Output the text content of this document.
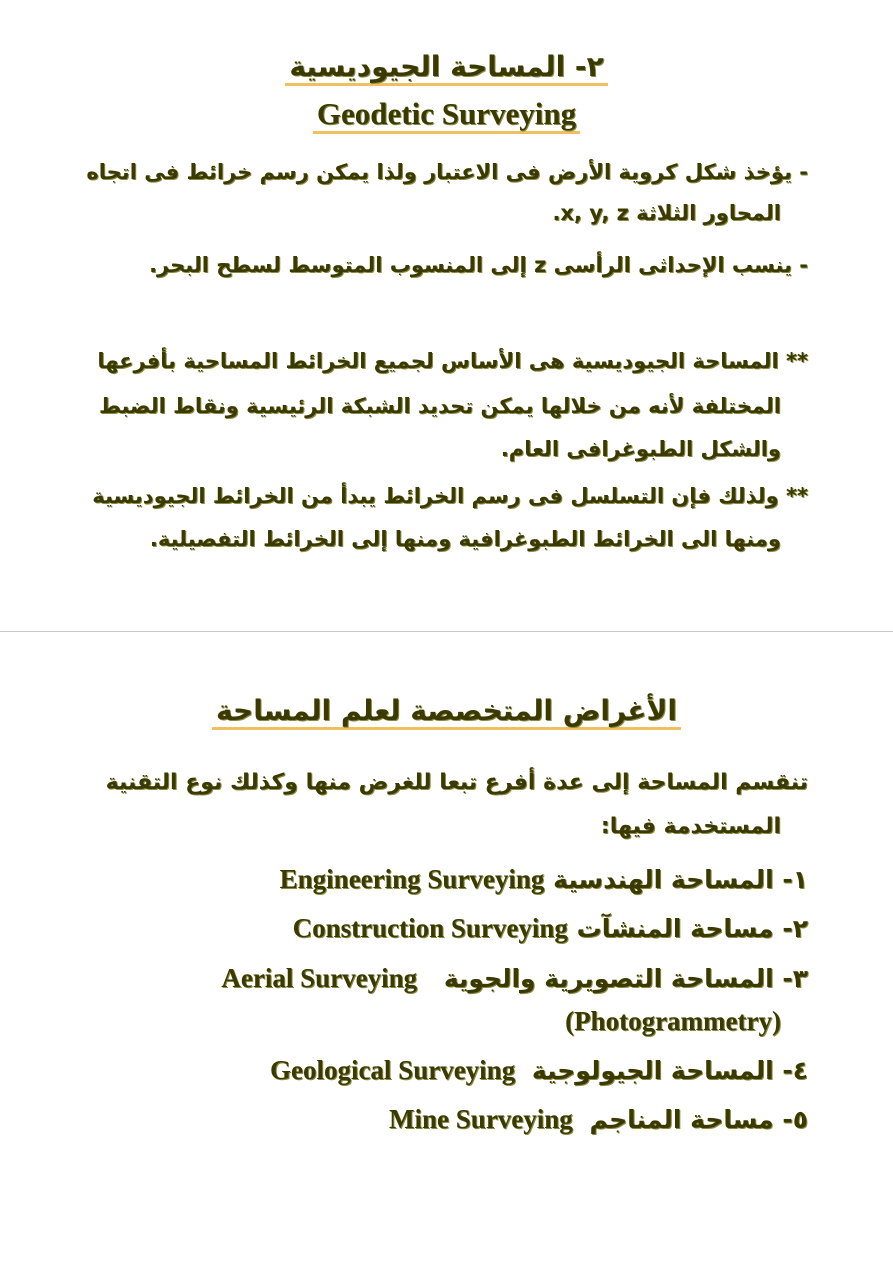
٢- المساحة الجيوديسية
Geodetic Surveying
- يؤخذ شكل كروية الأرض فى الاعتبار ولذا يمكن رسم خرائط فى اتجاه
المحاور الثلاثة x, y, z.
- ينسب الإحداثى الرأسى z إلى المنسوب المتوسط لسطح البحر.
** المساحة الجيوديسية هى الأساس لجميع الخرائط المساحية بأفرعها
المختلفة لأنه من خلالها يمكن تحديد الشبكة الرئيسية ونقاط الضبط
والشكل الطبوغرافى العام.
** ولذلك فإن التسلسل فى رسم الخرائط يبدأ من الخرائط الجيوديسية
ومنها الى الخرائط الطبوغرافية ومنها إلى الخرائط التفصيلية.
الأغراض المتخصصة لعلم المساحة
تنقسم المساحة إلى عدة أفرع تبعا للغرض منها وكذلك نوع التقنية
المستخدمة فيها:
١- المساحة الهندسية Engineering Surveying
٢- مساحة المنشآت Construction Surveying
٣- المساحة التصويرية والجوية Aerial Surveying
(Photogrammetry)
٤- المساحة الجيولوجية Geological Surveying
٥- مساحة المناجم Mine Surveying
